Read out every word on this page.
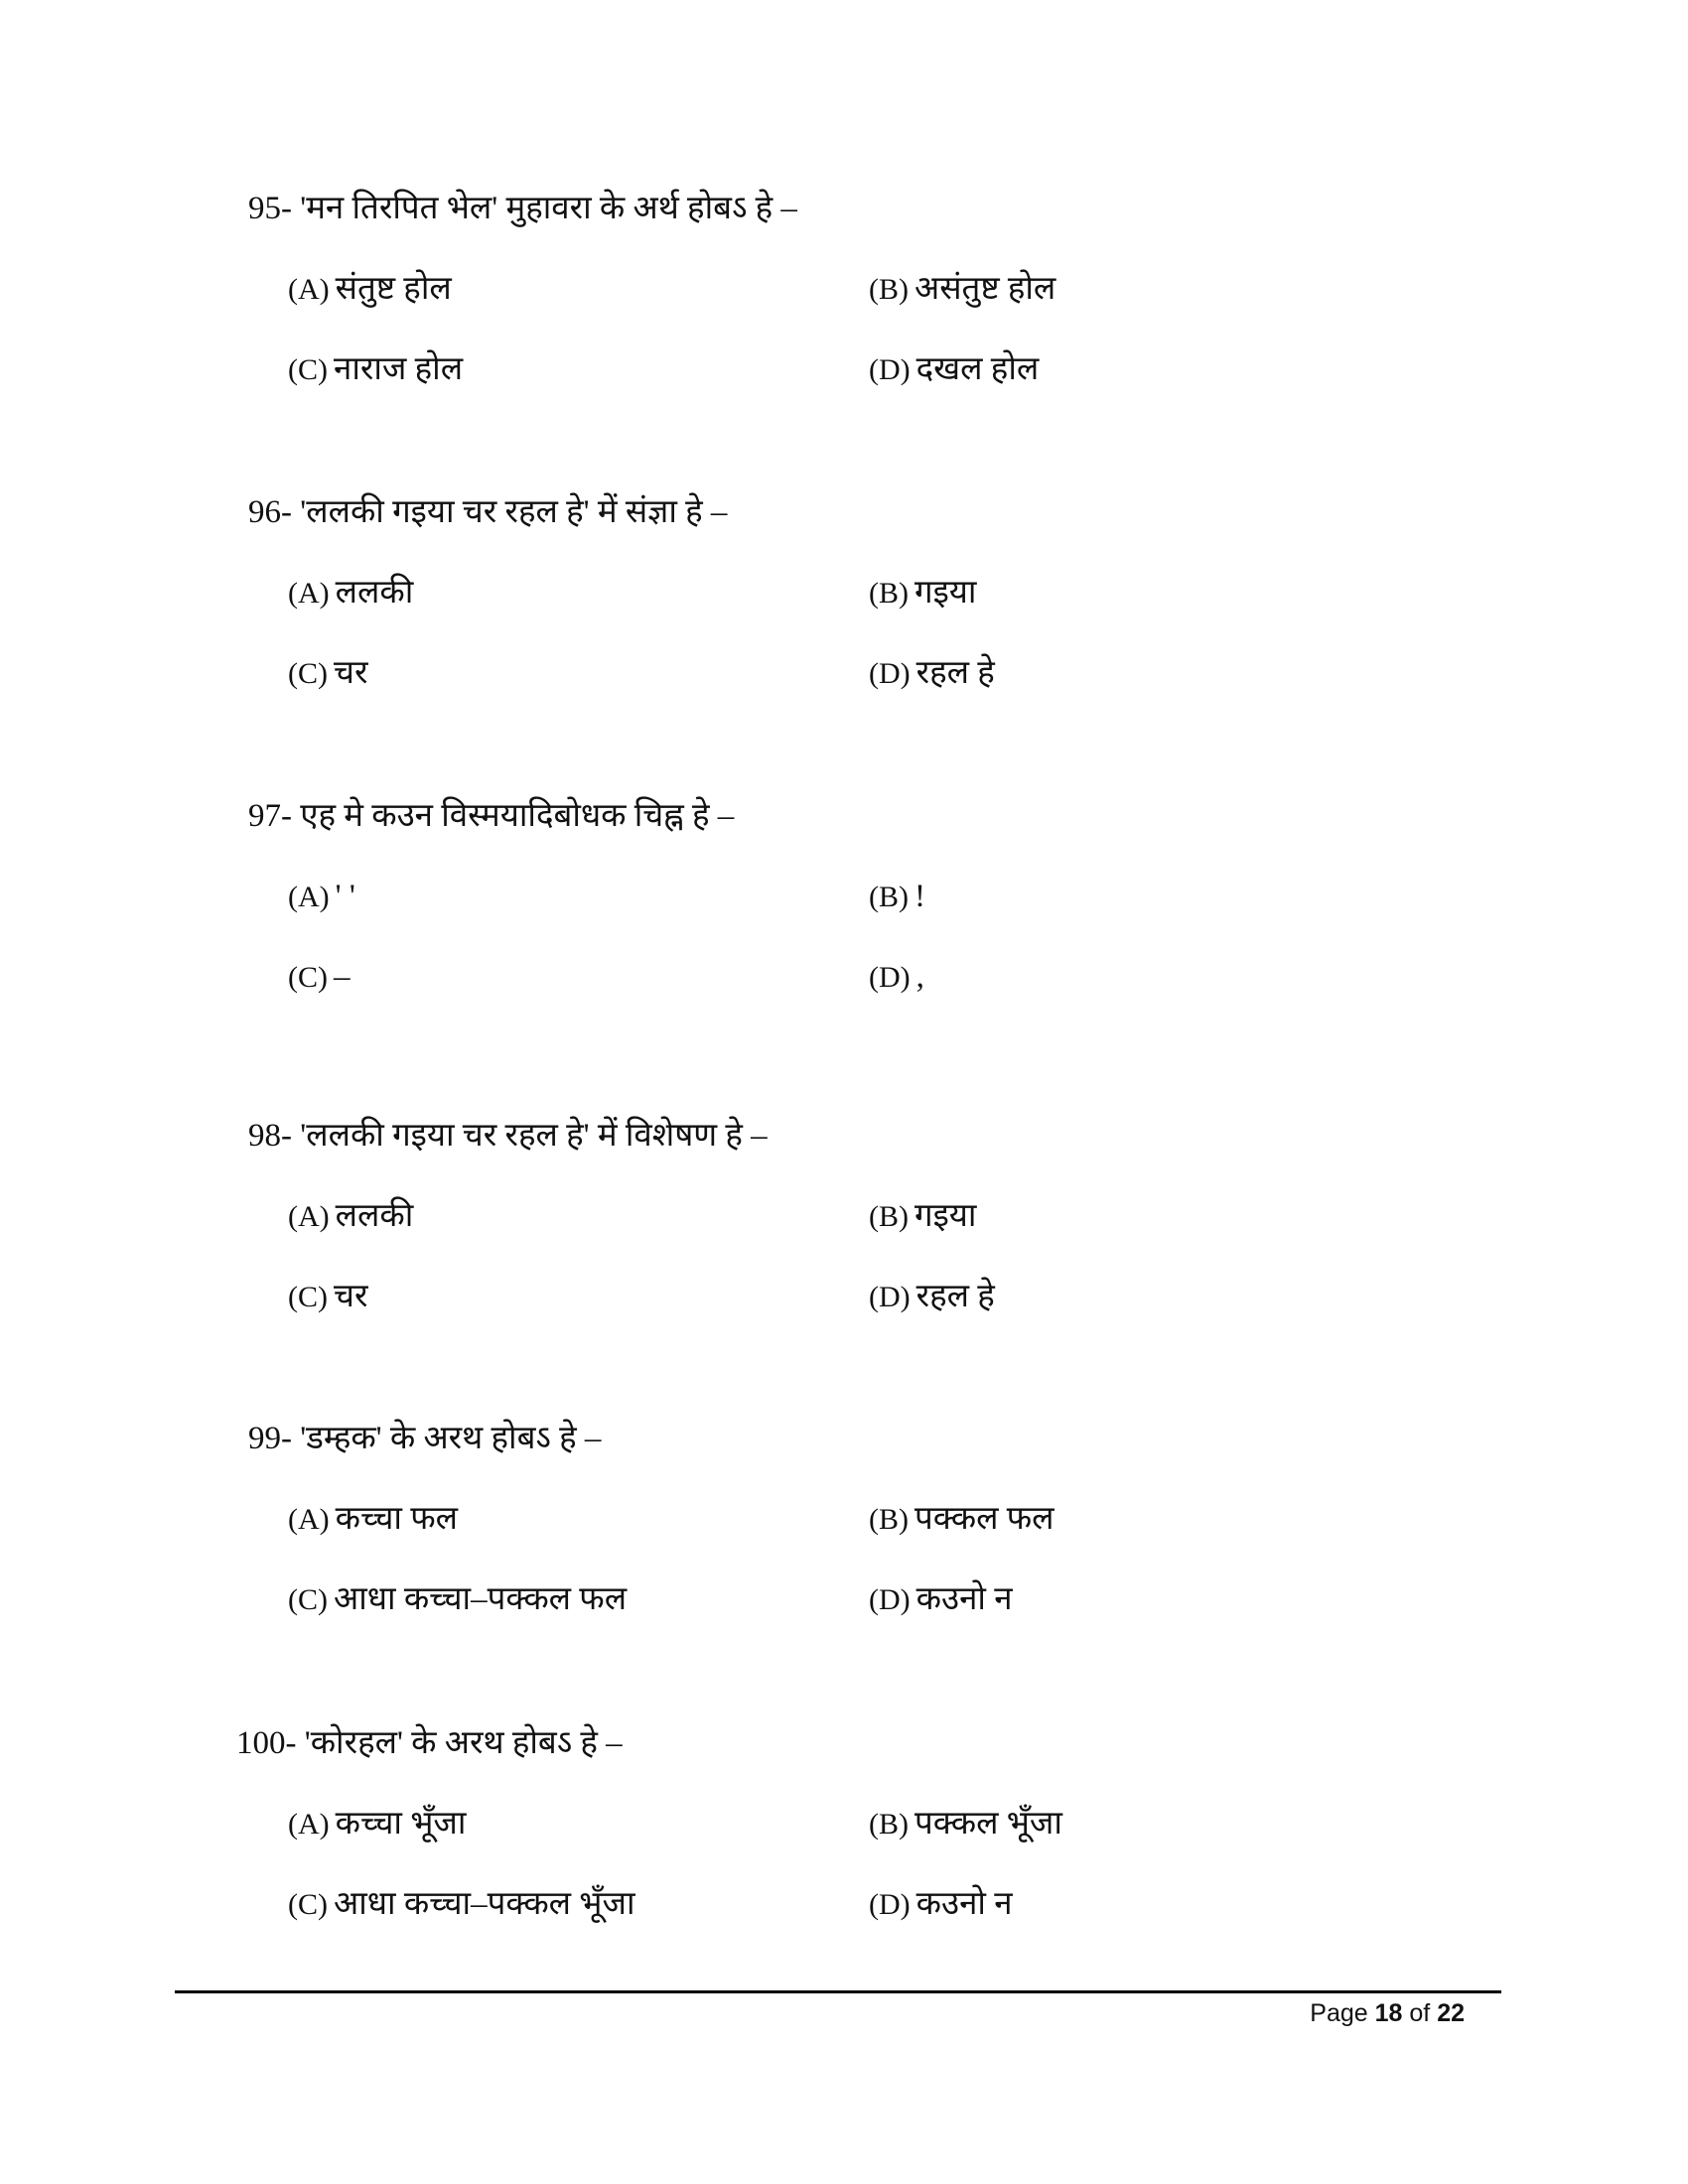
95- 'मन तिरपित भेल' मुहावरा के अर्थ होबऽ हे –
(A) संतुष्ट होल	(B) असंतुष्ट होल
(C) नाराज होल	(D) दखल होल
96- 'ललकी गइया चर रहल हे' में संज्ञा हे –
(A) ललकी	(B) गइया
(C) चर	(D) रहल हे
97- एह मे कउन विस्मयादिबोधक चिह्न हे –
(A) ' '	(B) !
(C) –	(D) ,
98- 'ललकी गइया चर रहल हे' में विशेषण हे –
(A) ललकी	(B) गइया
(C) चर	(D) रहल हे
99- 'डम्हक' के अरथ होबऽ हे –
(A) कच्चा फल	(B) पक्कल फल
(C) आधा कच्चा–पक्कल फल	(D) कउनो न
100- 'कोरहल' के अरथ होबऽ हे –
(A) कच्चा भूँजा	(B) पक्कल भूँजा
(C) आधा कच्चा–पक्कल भूँजा	(D) कउनो न
Page 18 of 22
